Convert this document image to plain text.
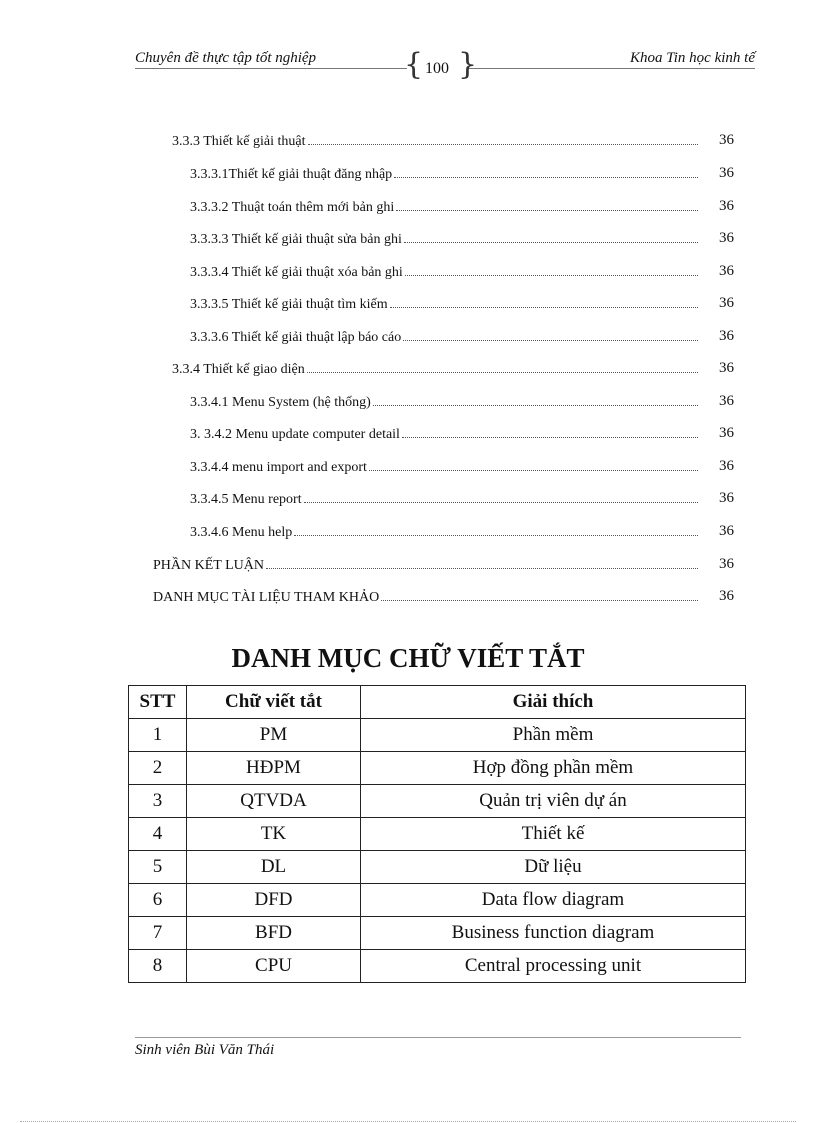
Chuyên đề thực tập tốt nghiệp	Khoa Tin học kinh tế
{ 100 }
3.3.3 Thiết kế giải thuật	36
3.3.3.1Thiết kế giải thuật đăng nhập	36
3.3.3.2 Thuật toán thêm mới bản ghi	36
3.3.3.3 Thiết kế giải thuật sửa bản ghi	36
3.3.3.4 Thiết kế giải thuật xóa bản ghi	36
3.3.3.5 Thiết kế giải thuật tìm kiếm	36
3.3.3.6 Thiết kế giải thuật lập báo cáo	36
3.3.4 Thiết kế giao diện	36
3.3.4.1 Menu System (hệ thống)	36
3. 3.4.2 Menu update computer detail	36
3.3.4.4 menu import and export	36
3.3.4.5 Menu report	36
3.3.4.6 Menu help	36
PHẦN KẾT LUẬN	36
DANH MỤC TÀI LIỆU THAM KHẢO	36
DANH MỤC CHỮ VIẾT TẮT
STT	Chữ viết tắt	Giải thích
1	PM	Phần mềm
2	HĐPM	Hợp đồng phần mềm
3	QTVDA	Quản trị viên dự án
4	TK	Thiết kế
5	DL	Dữ liệu
6	DFD	Data flow diagram
7	BFD	Business function diagram
8	CPU	Central processing unit
Sinh viên Bùi Văn Thái
